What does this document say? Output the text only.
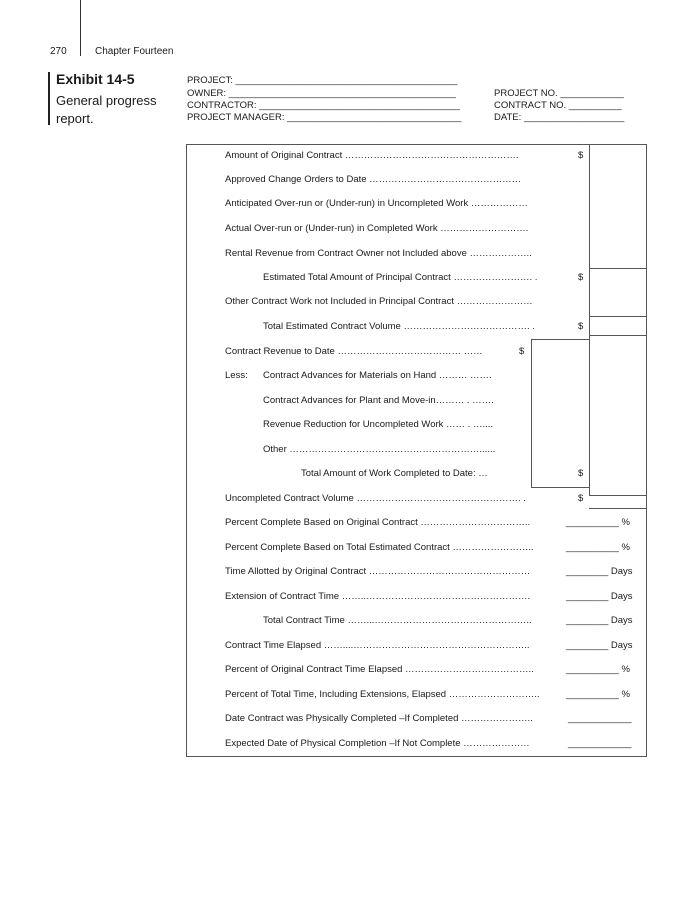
270	Chapter Fourteen
Exhibit 14-5
General progress report.
PROJECT: __________________________________________
OWNER: ___________________________________________
CONTRACTOR: ______________________________________
PROJECT MANAGER: _________________________________
PROJECT NO. ____________
CONTRACT NO. __________
DATE: ___________________
Amount of Original Contract ……………………………………………….	$
Approved Change Orders to Date …………………………………………
Anticipated Over-run or (Under-run) in Uncompleted Work ………………
Actual Over-run or (Under-run) in Completed Work ……………………….
Rental Revenue from Contract Owner not Included above ………………..
Estimated Total Amount of Principal Contract ……………………. .	$
Other Contract Work not Included in Principal Contract ……………………
Total Estimated Contract Volume …………………………………. .	$
Contract Revenue to Date ………………………………… ……	$
Less: Contract Advances for Materials on Hand ……… …….
Contract Advances for Plant and Move-in……… . …….
Revenue Reduction for Uncompleted Work …… . …....
Other ……………………………………………………......
Total Amount of Work Completed to Date: …	$
Uncompleted Contract Volume ……………………………………………. .	$
Percent Complete Based on Original Contract ……………………………..	__________ %
Percent Complete Based on Total Estimated Contract ……………………..	__________ %
Time Allotted by Original Contract ……………………………………………	________ Days
Extension of Contract Time ……..…………………………………………….	________ Days
Total Contract Time ……...…………………………………………..	________ Days
Contract Time Elapsed ……....………………………………………………..	________ Days
Percent of Original Contract Time Elapsed …………………………………..	__________ %
Percent of Total Time, Including Extensions, Elapsed ………………………..	__________ %
Date Contract was Physically Completed –If Completed …………………..	____________
Expected Date of Physical Completion –If Not Complete …………………	____________
